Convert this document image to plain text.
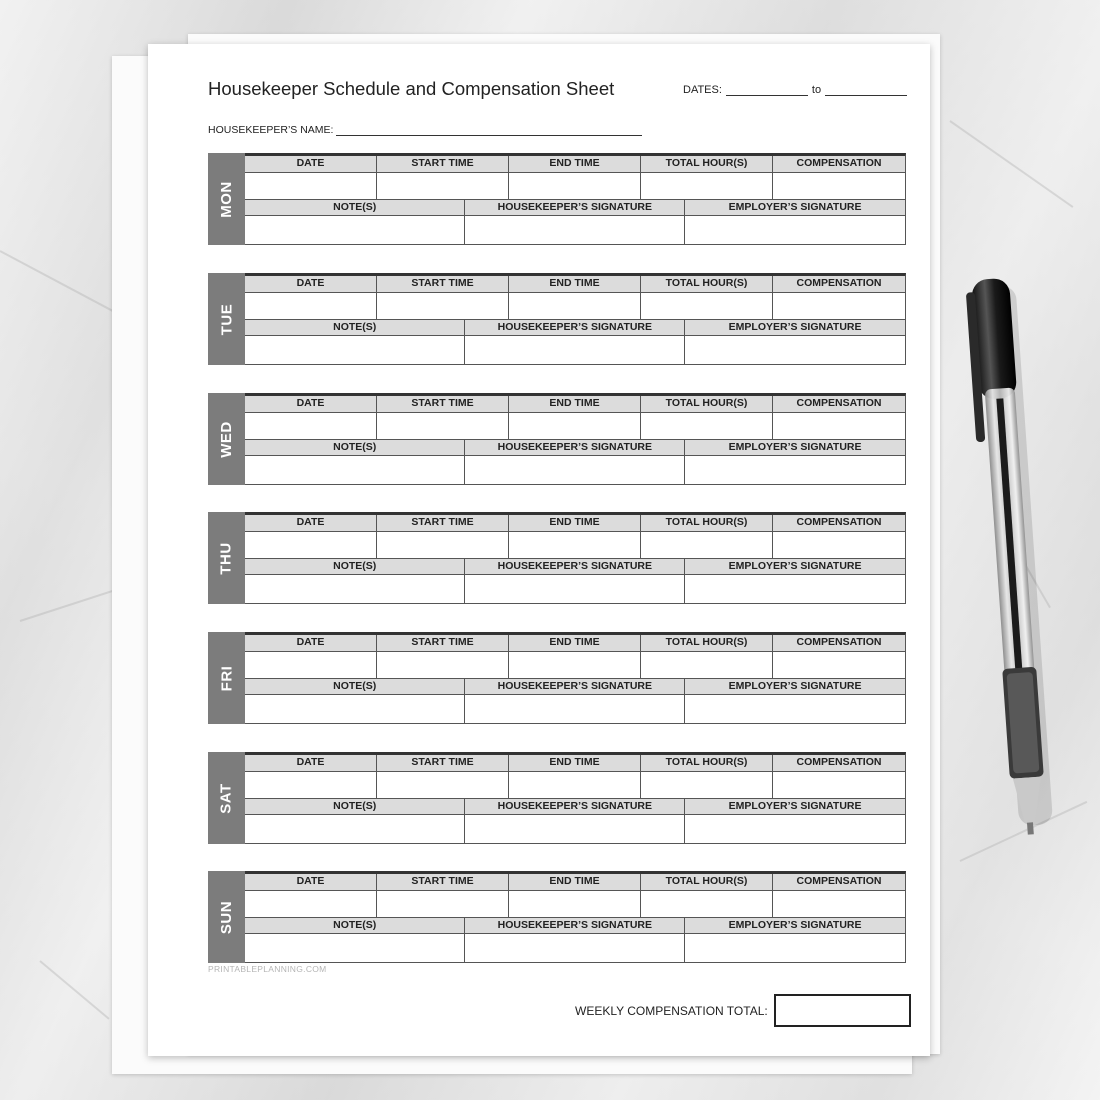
Housekeeper Schedule and Compensation Sheet	DATES:	to
HOUSEKEEPER’S NAME:
MON
DATE	START TIME	END TIME	TOTAL HOUR(S)	COMPENSATION
NOTE(S)	HOUSEKEEPER’S SIGNATURE	EMPLOYER’S SIGNATURE
TUE
DATE	START TIME	END TIME	TOTAL HOUR(S)	COMPENSATION
NOTE(S)	HOUSEKEEPER’S SIGNATURE	EMPLOYER’S SIGNATURE
WED
DATE	START TIME	END TIME	TOTAL HOUR(S)	COMPENSATION
NOTE(S)	HOUSEKEEPER’S SIGNATURE	EMPLOYER’S SIGNATURE
THU
DATE	START TIME	END TIME	TOTAL HOUR(S)	COMPENSATION
NOTE(S)	HOUSEKEEPER’S SIGNATURE	EMPLOYER’S SIGNATURE
FRI
DATE	START TIME	END TIME	TOTAL HOUR(S)	COMPENSATION
NOTE(S)	HOUSEKEEPER’S SIGNATURE	EMPLOYER’S SIGNATURE
SAT
DATE	START TIME	END TIME	TOTAL HOUR(S)	COMPENSATION
NOTE(S)	HOUSEKEEPER’S SIGNATURE	EMPLOYER’S SIGNATURE
SUN
DATE	START TIME	END TIME	TOTAL HOUR(S)	COMPENSATION
NOTE(S)	HOUSEKEEPER’S SIGNATURE	EMPLOYER’S SIGNATURE
PRINTABLEPLANNING.COM
WEEKLY COMPENSATION TOTAL:
